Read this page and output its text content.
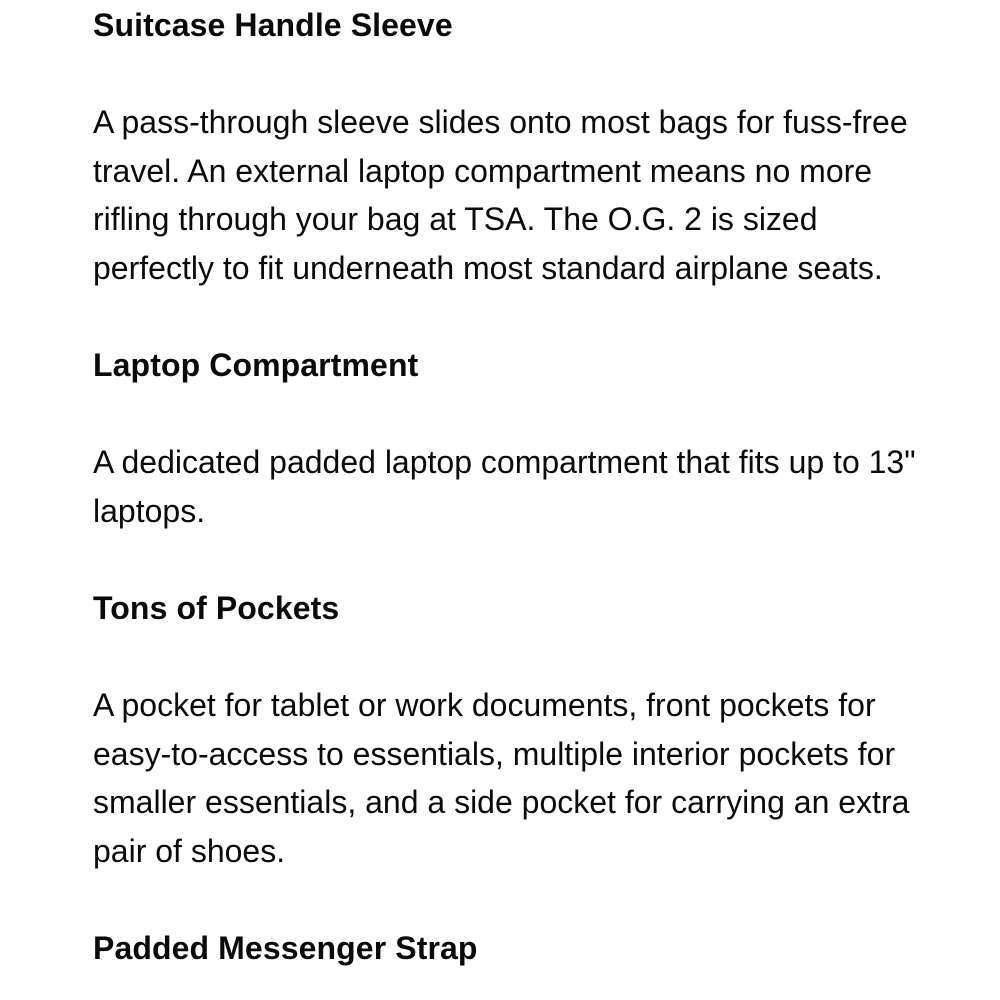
Suitcase Handle Sleeve

A pass-through sleeve slides onto most bags for fuss-free travel. An external laptop compartment means no more rifling through your bag at TSA. The O.G. 2 is sized perfectly to fit underneath most standard airplane seats.

Laptop Compartment

A dedicated padded laptop compartment that fits up to 13" laptops.

Tons of Pockets

A pocket for tablet or work documents, front pockets for easy-to-access to essentials, multiple interior pockets for smaller essentials, and a side pocket for carrying an extra pair of shoes.

Padded Messenger Strap
